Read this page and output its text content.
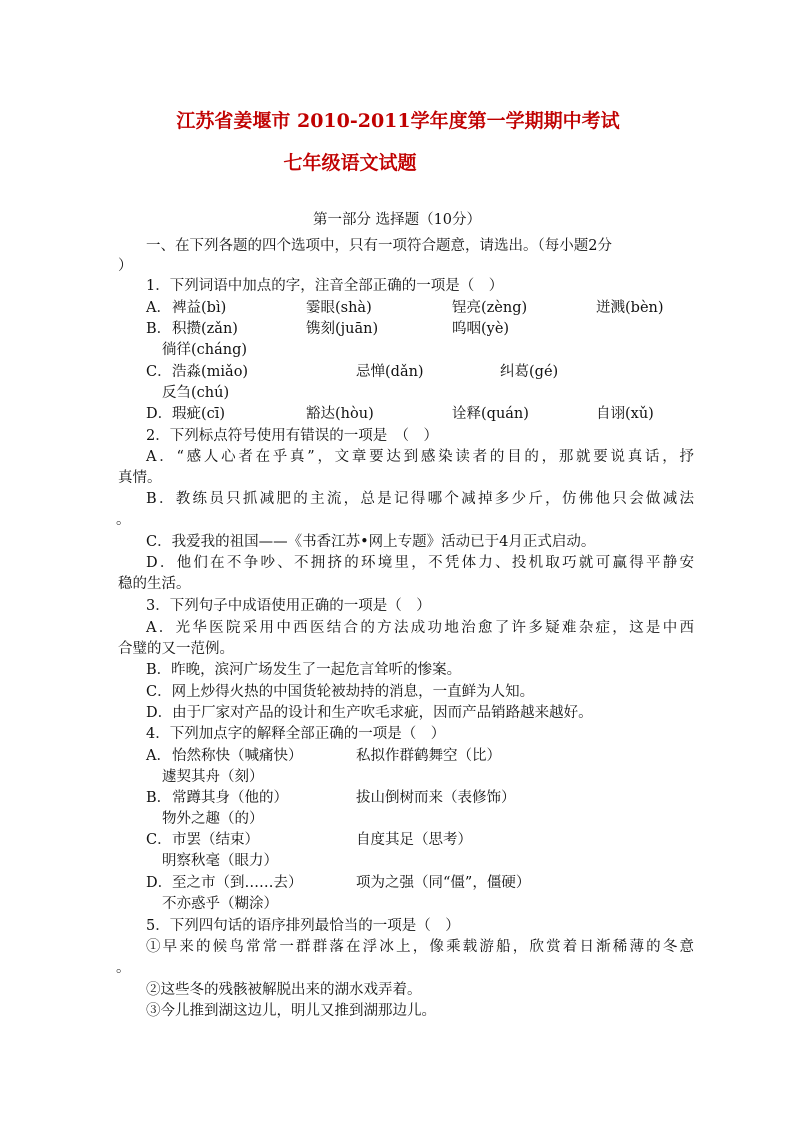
江苏省姜堰市 2010-2011学年度第一学期期中考试
七年级语文试题
第一部分 选择题（10分）
一、在下列各题的四个选项中，只有一项符合题意，请选出。（每小题2分
）
1．下列词语中加点的字，注音全部正确的一项是（　）
A． 裨益(bì)	霎眼(shà)	锃亮(zèng)	迸溅(bèn)
B． 积攒(zǎn)	镌刻(juān)	呜咽(yè)
徜徉(cháng)
C． 浩淼(miǎo)	忌惮(dǎn)	纠葛(gé)
反刍(chú)
D． 瑕疵(cī)	豁达(hòu)	诠释(quán)	自诩(xǔ)
2．下列标点符号使用有错误的一项是　（　）
A．“感人心者在乎真”，文章要达到感染读者的目的，那就要说真话，抒
真情。
B．教练员只抓减肥的主流，总是记得哪个减掉多少斤，仿佛他只会做减法
。
C．我爱我的祖国——《书香江苏•网上专题》活动已于4月正式启动。
D．他们在不争吵、不拥挤的环境里，不凭体力、投机取巧就可赢得平静安
稳的生活。
3．下列句子中成语使用正确的一项是（　）
A．光华医院采用中西医结合的方法成功地治愈了许多疑难杂症，这是中西
合璧的又一范例。
B．昨晚，滨河广场发生了一起危言耸听的惨案。
C．网上炒得火热的中国货轮被劫持的消息，一直鲜为人知。
D．由于厂家对产品的设计和生产吹毛求疵，因而产品销路越来越好。
4．下列加点字的解释全部正确的一项是（　）
A． 怡然称快（喊痛快）	私拟作群鹤舞空（比）
遽契其舟（刻）
B． 常蹲其身（他的）	拔山倒树而来（表修饰）
物外之趣（的）
C． 市罢（结束）	自度其足（思考）
明察秋毫（眼力）
D． 至之市（到……去）	项为之强（同“僵”，僵硬）
不亦惑乎（糊涂）
5．下列四句话的语序排列最恰当的一项是（　）
①早来的候鸟常常一群群落在浮冰上，像乘载游船，欣赏着日渐稀薄的冬意
。
②这些冬的残骸被解脱出来的湖水戏弄着。
③今儿推到湖这边儿，明儿又推到湖那边儿。
